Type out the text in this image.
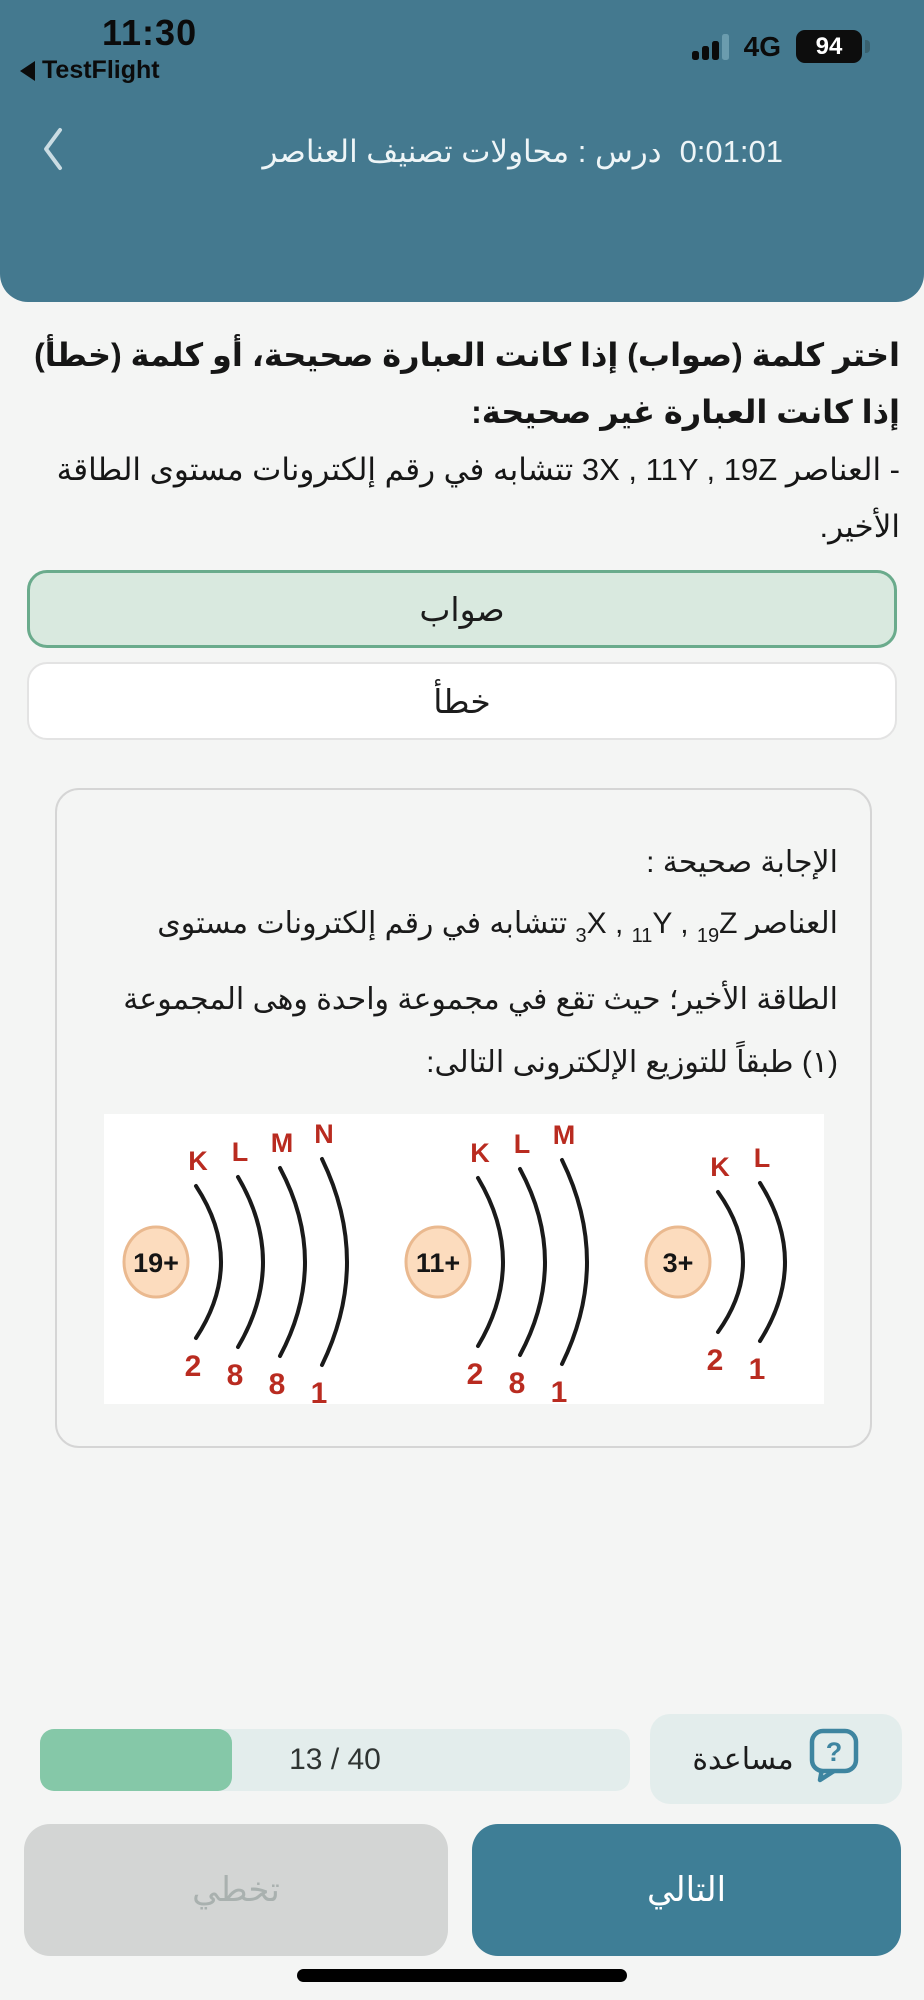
11:30
TestFlight
4G 94
درس : محاولات تصنيف العناصر 0:01:01
اختر كلمة (صواب) إذا كانت العبارة صحيحة، أو كلمة (خطأ) إذا كانت العبارة غير صحيحة:
- العناصر 3X , 11Y , 19Z تتشابه في رقم إلكترونات مستوى الطاقة الأخير.
صواب
خطأ
الإجابة صحيحة :
العناصر $_3$X , $_{11}$Y , $_{19}$Z تتشابه في رقم إلكترونات مستوى الطاقة الأخير؛ حيث تقع في مجموعة واحدة وهى المجموعة (١) طبقاً للتوزيع الإلكترونى التالى:
+3
K
2
L
1
+11
K
2
L
8
M
1
+19
K
2
L
8
M
8
N
1
13 / 40	?
مساعدة
تخطي	التالي
